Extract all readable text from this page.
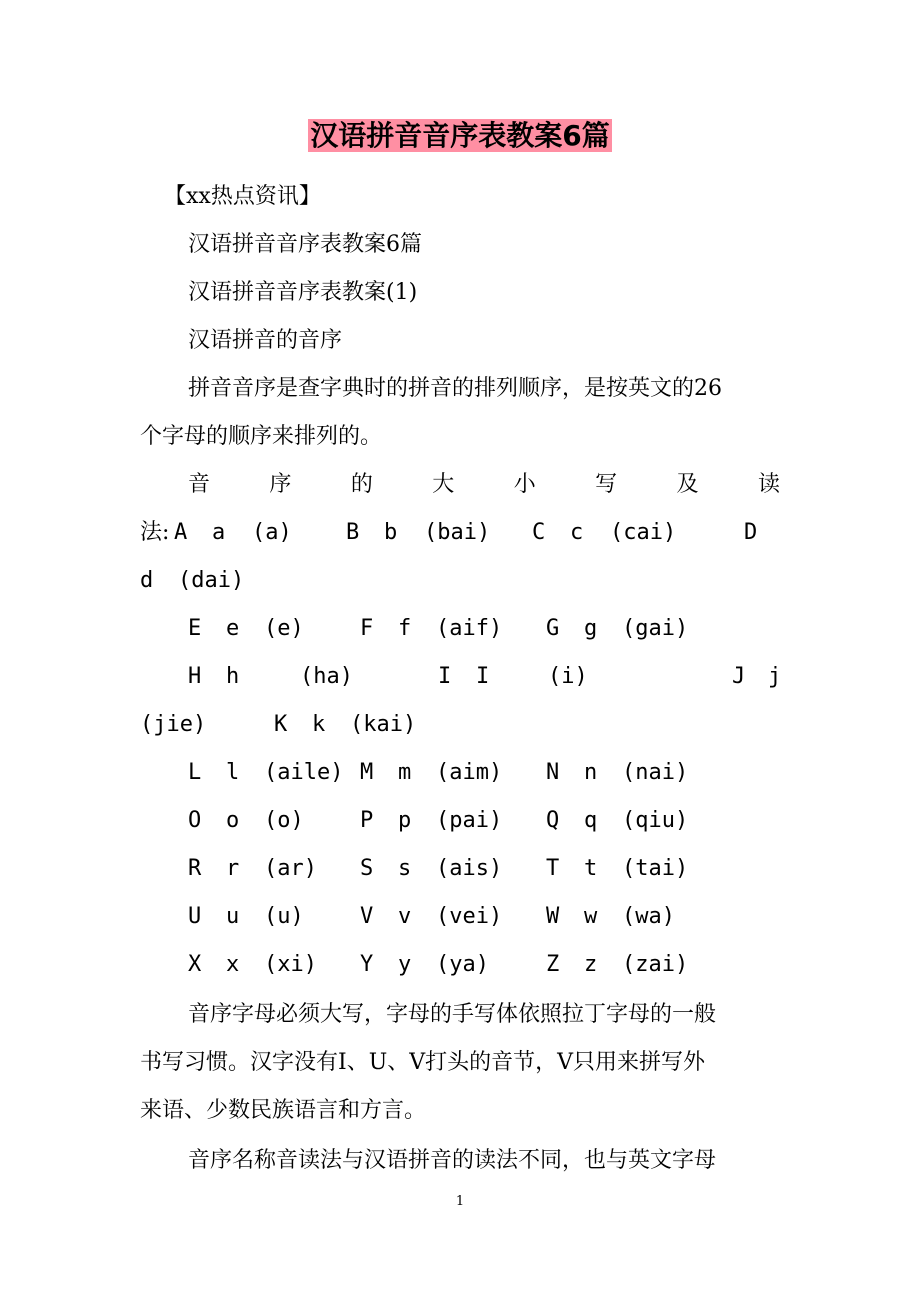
汉语拼音音序表教案6篇
【xx热点资讯】
汉语拼音音序表教案6篇
汉语拼音音序表教案(1)
汉语拼音的音序
拼音音序是查字典时的拼音的排列顺序，是按英文的26
个字母的顺序来排列的。
音	序	的	大	小	写	及	读
法: A a (a) B b (bai) C c (cai)	D
d (dai)
E e (e)	F f (aif) G g (gai)
H h	(ha)	I I	(i)	J j
(jie)	K k (kai)
L l (aile) M m (aim) N n (nai)
O o (o)	P p (pai) Q q (qiu)
R r (ar) S s (ais) T t (tai)
U u (u)	V v (vei) W w (wa)
X x (xi) Y y (ya)	Z z (zai)
音序字母必须大写，字母的手写体依照拉丁字母的一般
书写习惯。汉字没有I、U、V打头的音节，V只用来拼写外
来语、少数民族语言和方言。
音序名称音读法与汉语拼音的读法不同，也与英文字母
1
